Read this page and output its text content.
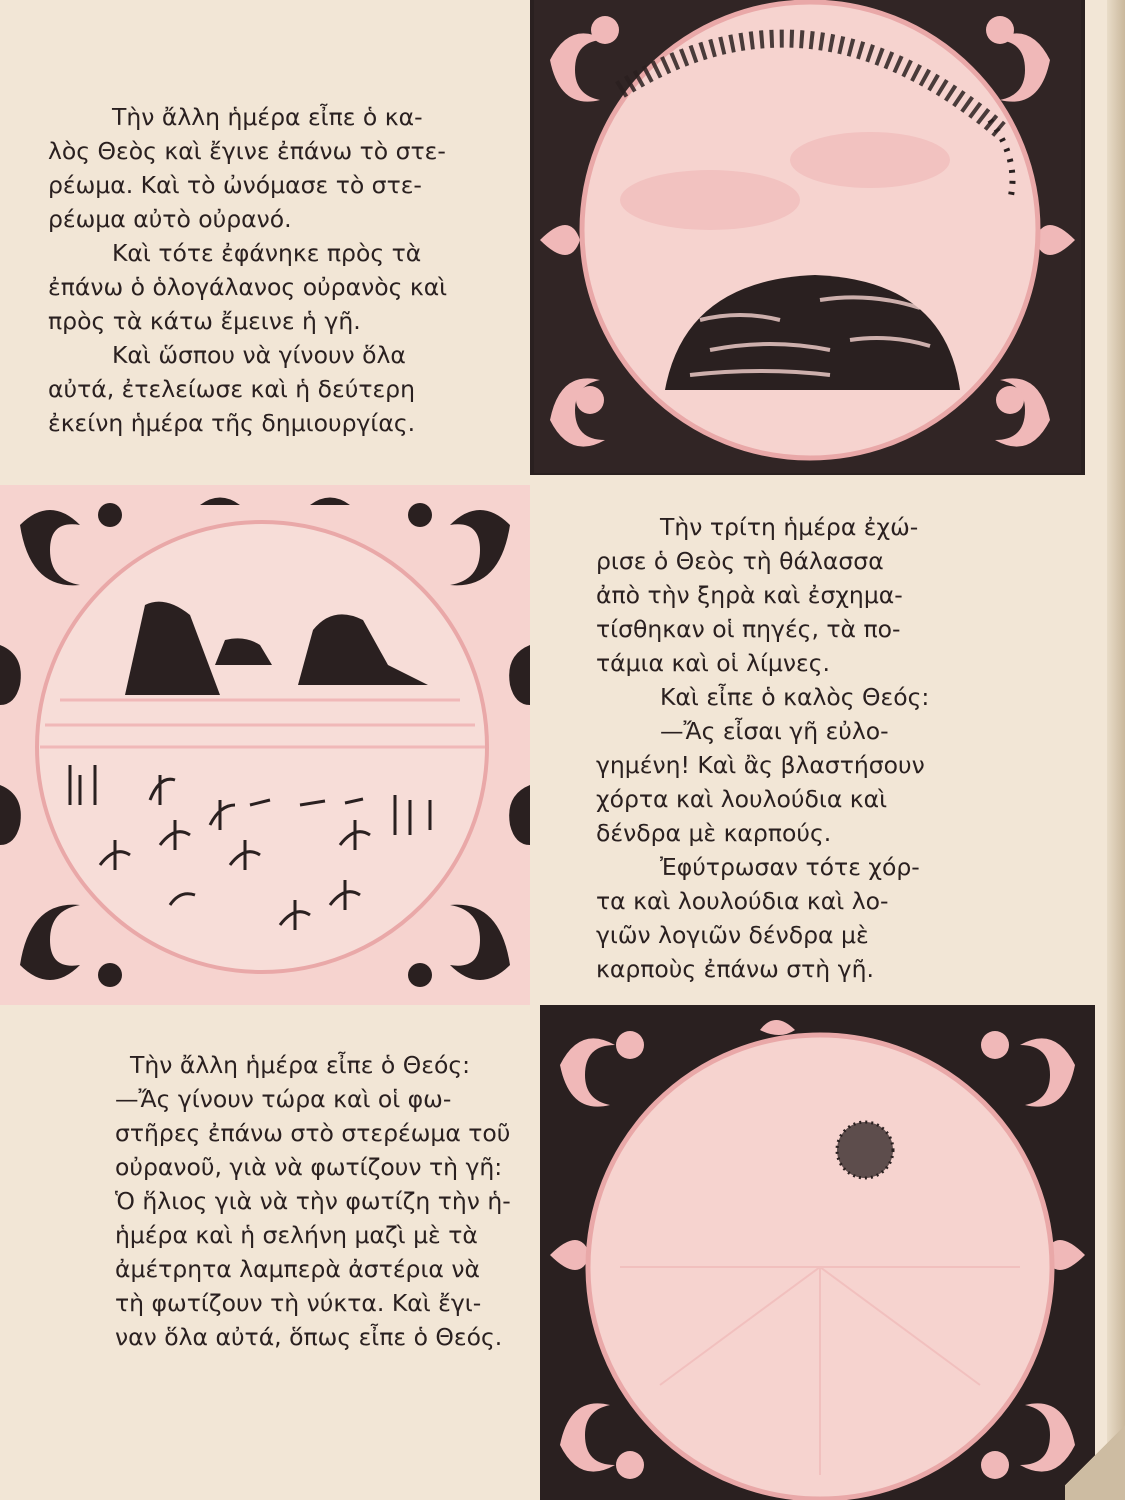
Τὴν ἄλλη ἡμέρα εἶπε ὁ κα-
λὸς Θεὸς καὶ ἔγινε ἐπάνω τὸ στε-
ρέωμα. Καὶ τὸ ὠνόμασε τὸ στε-
ρέωμα αὐτὸ οὐρανό.

Καὶ τότε ἐφάνηκε πρὸς τὰ
ἐπάνω ὁ ὁλογάλανος οὐρανὸς καὶ
πρὸς τὰ κάτω ἔμεινε ἡ γῆ.

Καὶ ὥσπου νὰ γίνουν ὅλα
αὐτά, ἐτελείωσε καὶ ἡ δεύτερη
ἐκείνη ἡμέρα τῆς δημιουργίας.

Τὴν τρίτη ἡμέρα ἐχώ-
ρισε ὁ Θεὸς τὴ θάλασσα
ἀπὸ τὴν ξηρὰ καὶ ἐσχημα-
τίσθηκαν οἱ πηγές, τὰ πο-
τάμια καὶ οἱ λίμνες.

Καὶ εἶπε ὁ καλὸς Θεός:

—Ἄς εἶσαι γῆ εὐλο-
γημένη! Καὶ ἂς βλαστήσουν
χόρτα καὶ λουλούδια καὶ
δένδρα μὲ καρπούς.

Ἐφύτρωσαν τότε χόρ-
τα καὶ λουλούδια καὶ λο-
γιῶν λογιῶν δένδρα μὲ
καρποὺς ἐπάνω στὴ γῆ.

Τὴν ἄλλη ἡμέρα εἶπε ὁ Θεός:

—Ἄς γίνουν τώρα καὶ οἱ φω-
στῆρες ἐπάνω στὸ στερέωμα τοῦ
οὐρανοῦ, γιὰ νὰ φωτίζουν τὴ γῆ:
Ὁ ἥλιος γιὰ νὰ τὴν φωτίζη τὴν ἡ-
ἡμέρα καὶ ἡ σελήνη μαζὶ μὲ τὰ
ἀμέτρητα λαμπερὰ ἀστέρια νὰ
τὴ φωτίζουν τὴ νύκτα. Καὶ ἔγι-
ναν ὅλα αὐτά, ὅπως εἶπε ὁ Θεός.
